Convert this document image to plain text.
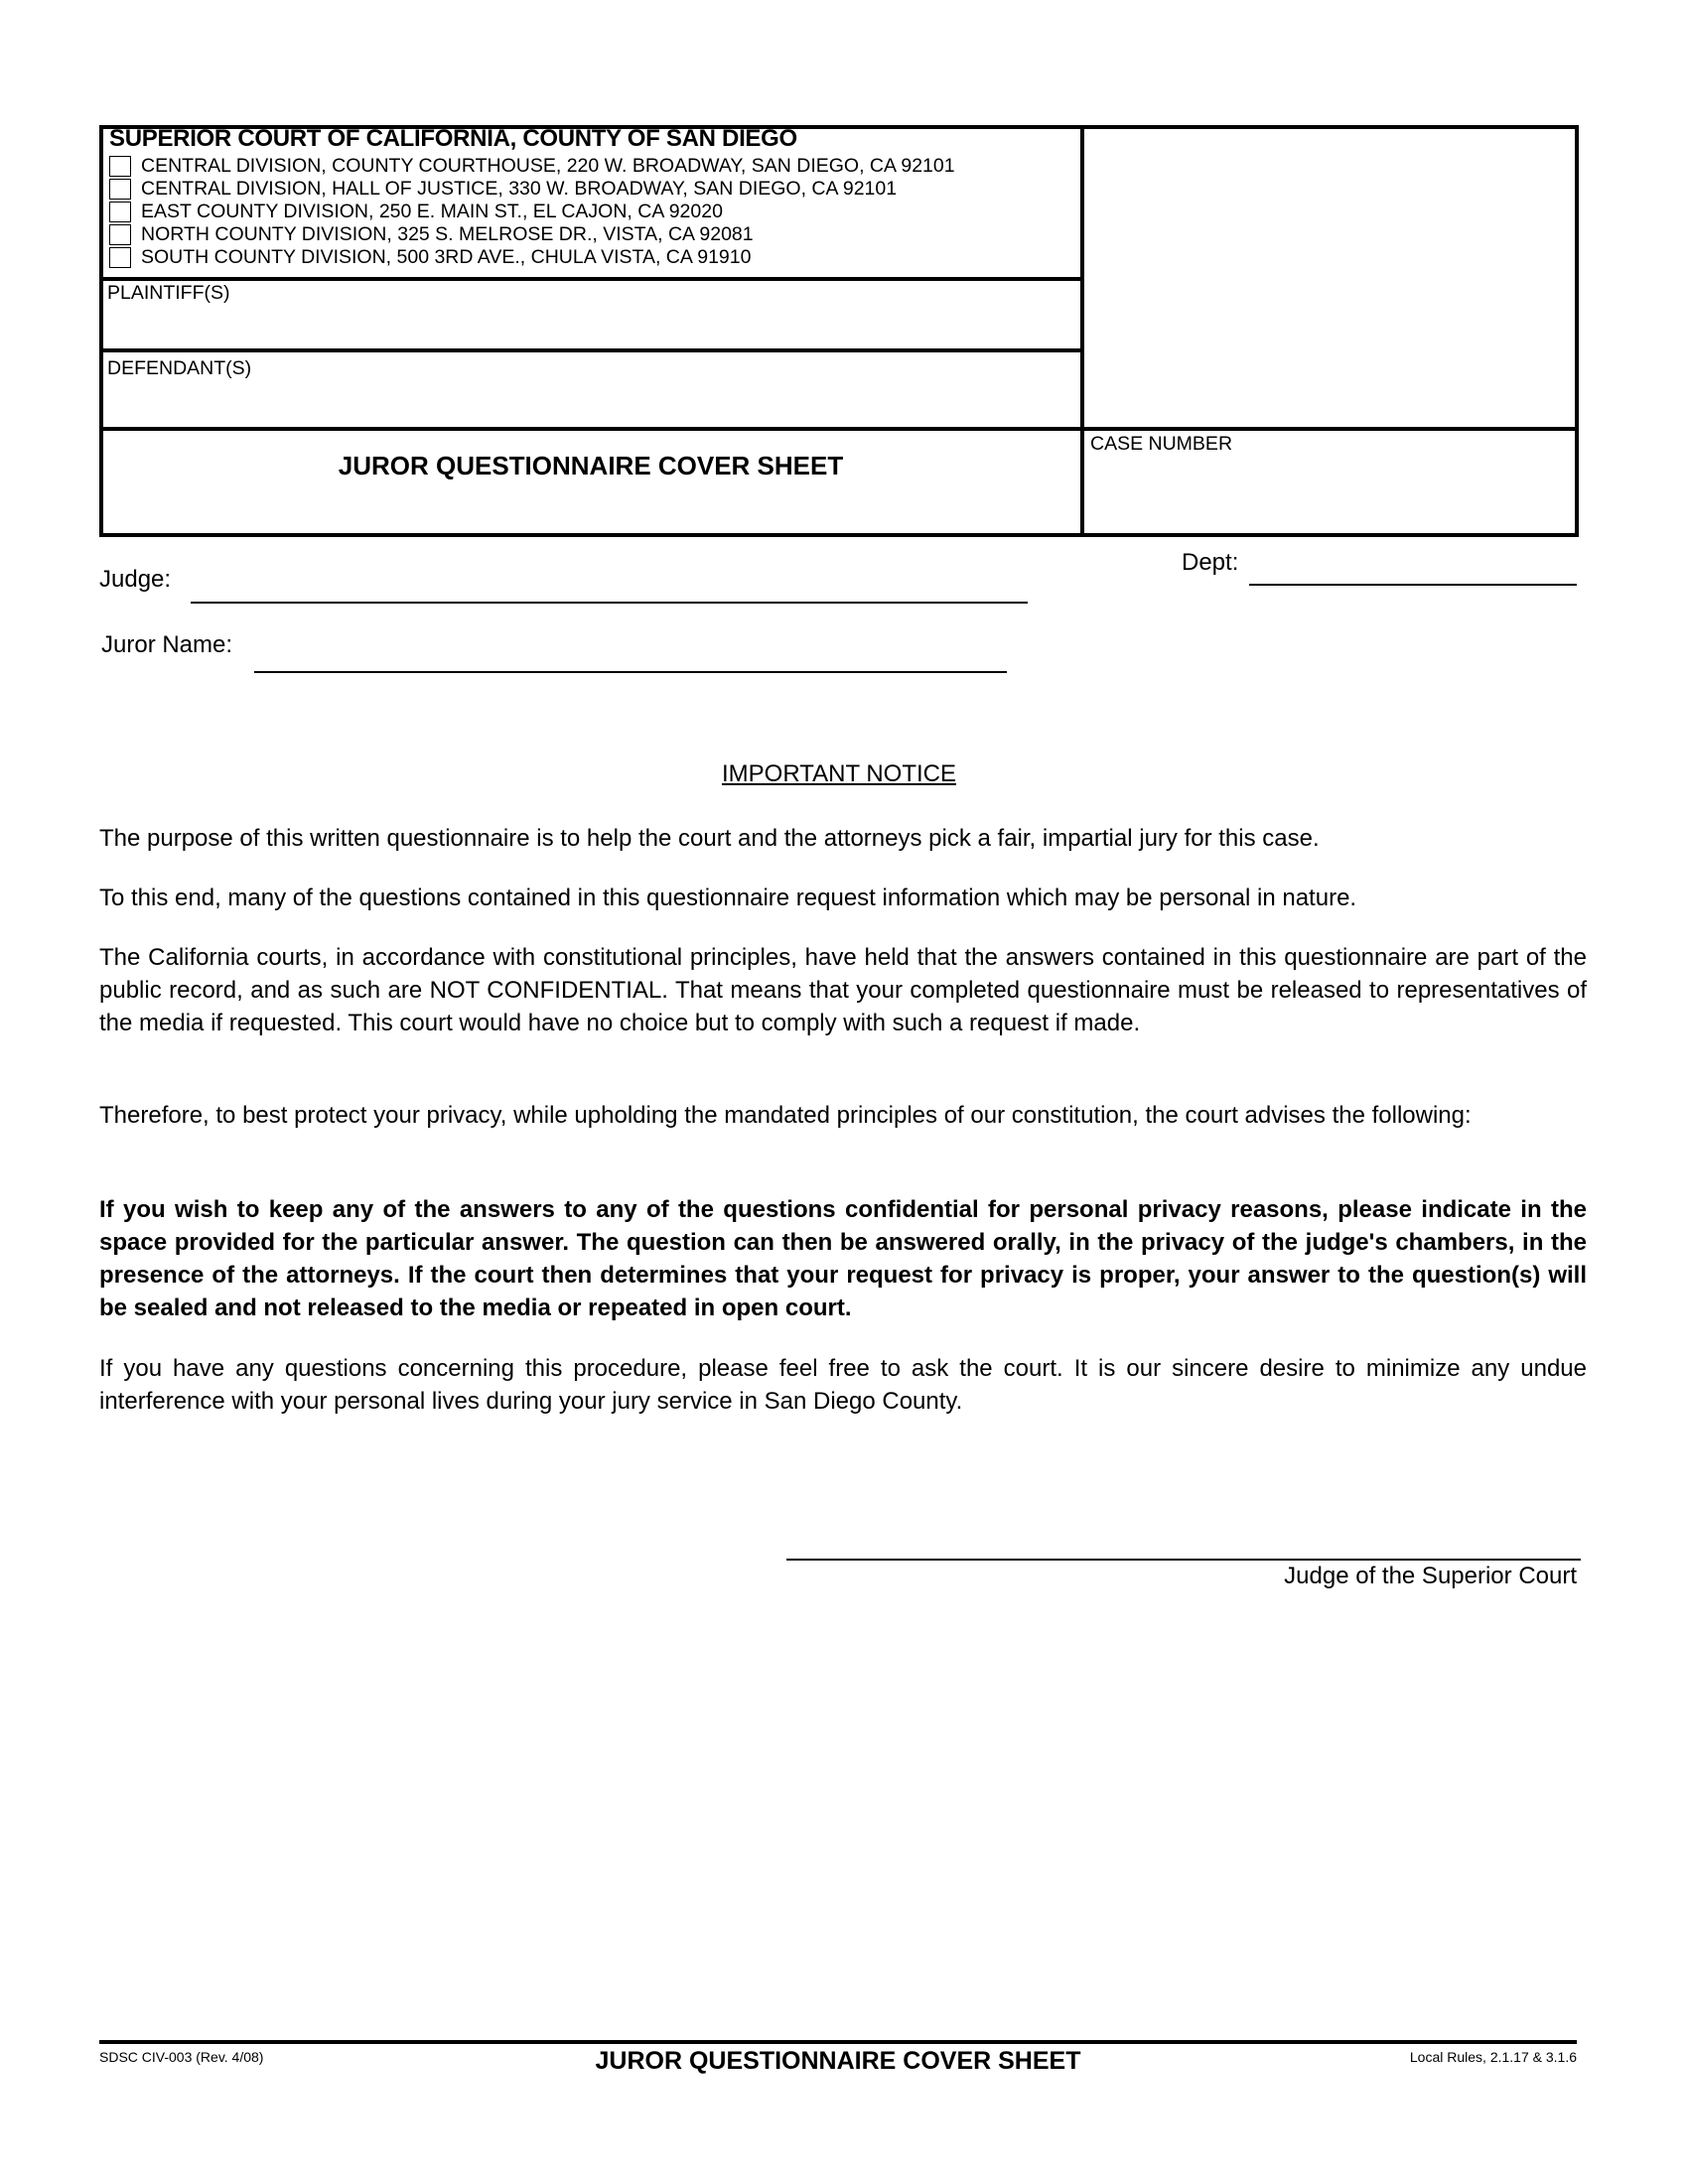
SUPERIOR COURT OF CALIFORNIA, COUNTY OF SAN DIEGO
CENTRAL DIVISION, COUNTY COURTHOUSE, 220 W. BROADWAY, SAN DIEGO, CA 92101
CENTRAL DIVISION, HALL OF JUSTICE, 330 W. BROADWAY, SAN DIEGO, CA 92101
EAST COUNTY DIVISION, 250 E. MAIN ST., EL CAJON, CA 92020
NORTH COUNTY DIVISION, 325 S. MELROSE DR., VISTA, CA 92081
SOUTH COUNTY DIVISION, 500 3RD AVE., CHULA VISTA, CA 91910
PLAINTIFF(S)
DEFENDANT(S)
JUROR QUESTIONNAIRE COVER SHEET
CASE NUMBER
Judge:
Dept:
Juror Name:
IMPORTANT NOTICE
The purpose of this written questionnaire is to help the court and the attorneys pick a fair, impartial jury for this case.
To this end, many of the questions contained in this questionnaire request information which may be personal in nature.
The California courts, in accordance with constitutional principles, have held that the answers contained in this questionnaire are part of the public record, and as such are NOT CONFIDENTIAL. That means that your completed questionnaire must be released to representatives of the media if requested. This court would have no choice but to comply with such a request if made.
Therefore, to best protect your privacy, while upholding the mandated principles of our constitution, the court advises the following:
If you wish to keep any of the answers to any of the questions confidential for personal privacy reasons, please indicate in the space provided for the particular answer. The question can then be answered orally, in the privacy of the judge's chambers, in the presence of the attorneys. If the court then determines that your request for privacy is proper, your answer to the question(s) will be sealed and not released to the media or repeated in open court.
If you have any questions concerning this procedure, please feel free to ask the court. It is our sincere desire to minimize any undue interference with your personal lives during your jury service in San Diego County.
Judge of the Superior Court
SDSC CIV-003 (Rev. 4/08)	JUROR QUESTIONNAIRE COVER SHEET	Local Rules, 2.1.17 & 3.1.6
